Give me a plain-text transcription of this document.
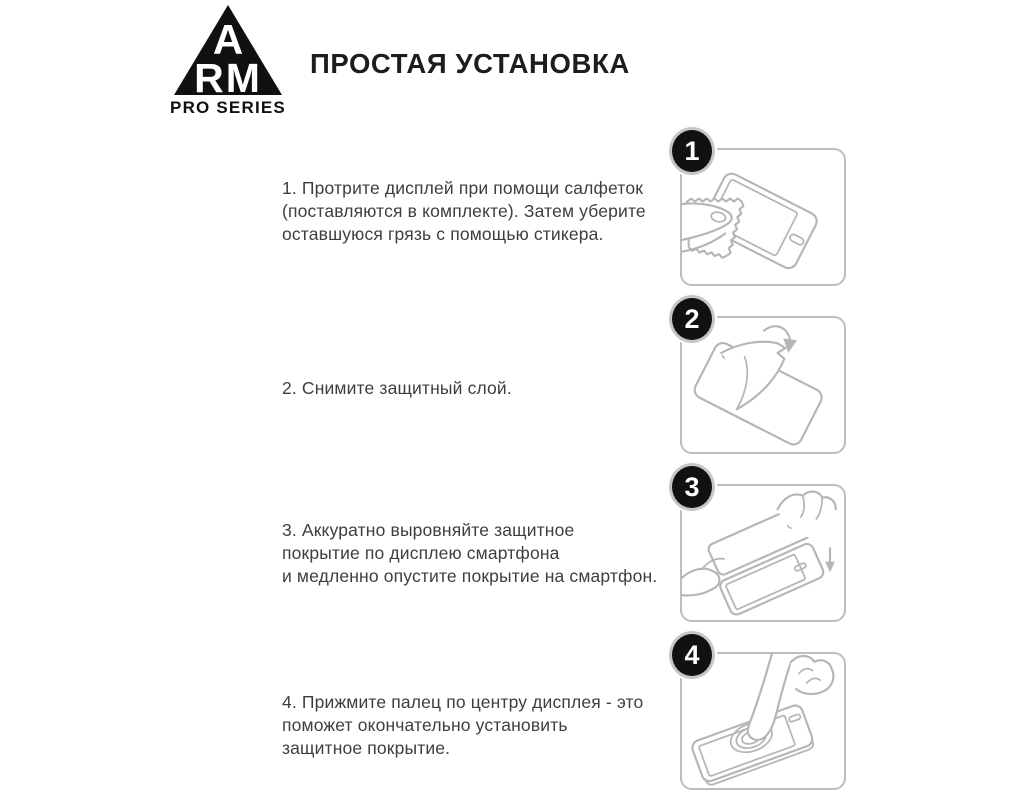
A
RM
PRO SERIES
ПРОСТАЯ УСТАНОВКА
1. Протрите дисплей при помощи салфеток
(поставляются в комплекте). Затем уберите
оставшуюся грязь с помощью стикера.
2. Снимите защитный слой.
3. Аккуратно выровняйте защитное
покрытие по дисплею смартфона
и медленно опустите покрытие на смартфон.
4. Прижмите палец по центру дисплея - это
поможет окончательно установить
защитное покрытие.
1
2
3
4
